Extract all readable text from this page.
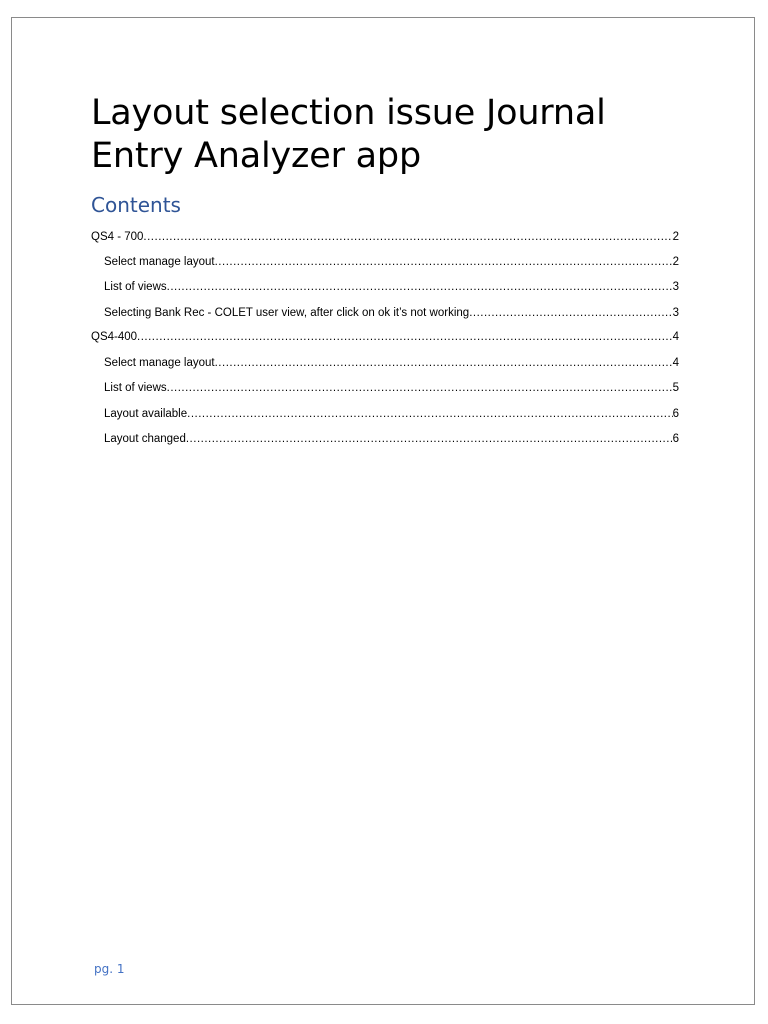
Layout selection issue Journal Entry Analyzer app
Contents
QS4 - 700 .....	2
Select manage layout .....	2
List of views .....	3
Selecting Bank Rec - COLET user view, after click on ok it’s not working .....	3
QS4-400 .....	4
Select manage layout .....	4
List of views .....	5
Layout available .....	6
Layout changed .....	6
pg. 1
